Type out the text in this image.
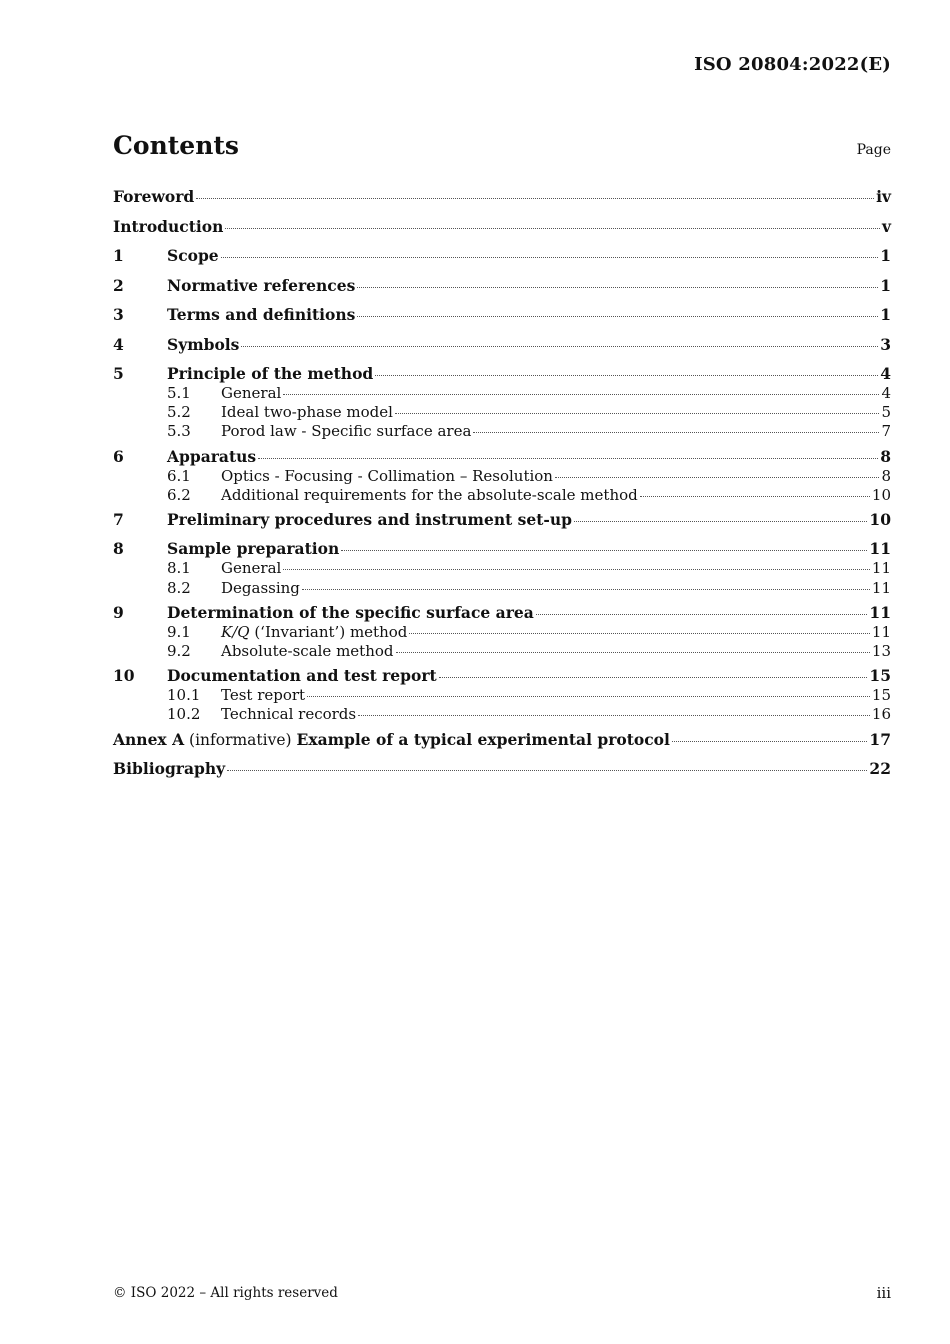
ISO 20804:2022(E)
Contents	Page
Foreword	iv
Introduction	v
1	Scope	1
2	Normative references	1
3	Terms and definitions	1
4	Symbols	3
5	Principle of the method	4
5.1	General	4
5.2	Ideal two-phase model	5
5.3	Porod law - Specific surface area	7
6	Apparatus	8
6.1	Optics - Focusing - Collimation – Resolution	8
6.2	Additional requirements for the absolute-scale method	10
7	Preliminary procedures and instrument set-up	10
8	Sample preparation	11
8.1	General	11
8.2	Degassing	11
9	Determination of the specific surface area	11
9.1	K/Q (‘Invariant’) method	11
9.2	Absolute-scale method	13
10	Documentation and test report	15
10.1	Test report	15
10.2	Technical records	16
Annex A (informative) Example of a typical experimental protocol	17
Bibliography	22
© ISO 2022 – All rights reserved	iii
